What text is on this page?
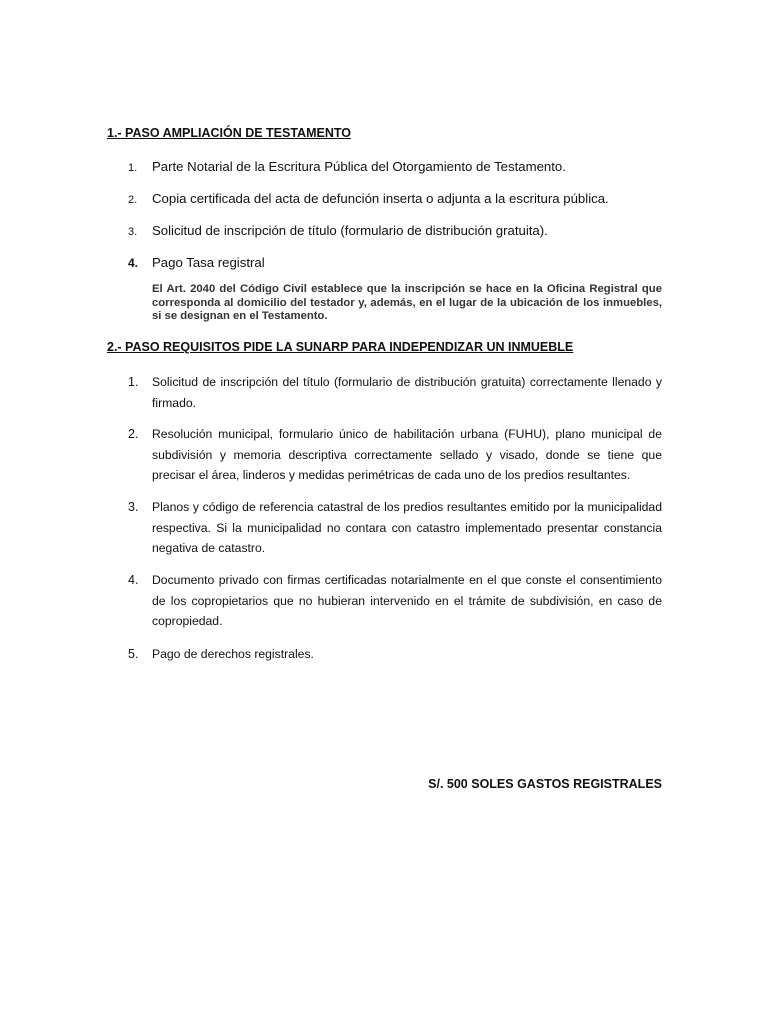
1.- PASO AMPLIACIÓN DE TESTAMENTO
1. Parte Notarial de la Escritura Pública del Otorgamiento de Testamento.
2. Copia certificada del acta de defunción inserta o adjunta a la escritura pública.
3. Solicitud de inscripción de título (formulario de distribución gratuita).
4. Pago Tasa registral
El Art. 2040 del Código Civil establece que la inscripción se hace en la Oficina Registral que corresponda al domicilio del testador y, además, en el lugar de la ubicación de los inmuebles, si se designan en el Testamento.
2.- PASO REQUISITOS PIDE LA SUNARP PARA INDEPENDIZAR UN INMUEBLE
1. Solicitud de inscripción del título (formulario de distribución gratuita) correctamente llenado y firmado.
2. Resolución municipal, formulario único de habilitación urbana (FUHU), plano municipal de subdivisión y memoria descriptiva correctamente sellado y visado, donde se tiene que precisar el área, linderos y medidas perimétricas de cada uno de los predios resultantes.
3. Planos y código de referencia catastral de los predios resultantes emitido por la municipalidad respectiva. Si la municipalidad no contara con catastro implementado presentar constancia negativa de catastro.
4. Documento privado con firmas certificadas notarialmente en el que conste el consentimiento de los copropietarios que no hubieran intervenido en el trámite de subdivisión, en caso de copropiedad.
5. Pago de derechos registrales.
S/. 500 SOLES GASTOS REGISTRALES
